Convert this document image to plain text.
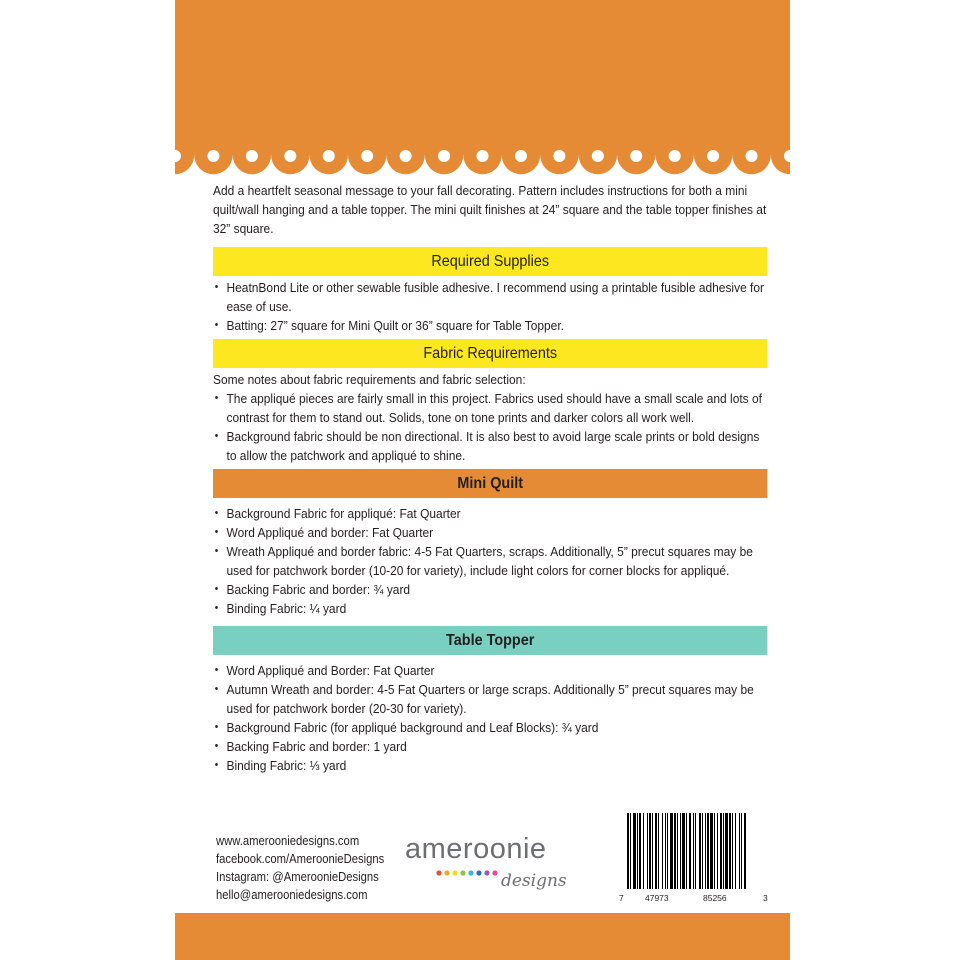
Add a heartfelt seasonal message to your fall decorating. Pattern includes instructions for both a mini quilt/wall hanging and a table topper. The mini quilt finishes at 24” square and the table topper finishes at 32” square.

Required Supplies
• HeatnBond Lite or other sewable fusible adhesive. I recommend using a printable fusible adhesive for ease of use.
• Batting: 27” square for Mini Quilt or 36” square for Table Topper.
Fabric Requirements

Some notes about fabric requirements and fabric selection:

• The appliqué pieces are fairly small in this project. Fabrics used should have a small scale and lots of contrast for them to stand out. Solids, tone on tone prints and darker colors all work well.
• Background fabric should be non directional. It is also best to avoid large scale prints or bold designs to allow the patchwork and appliqué to shine.
Mini Quilt
• Background Fabric for appliqué: Fat Quarter
• Word Appliqué and border: Fat Quarter
• Wreath Appliqué and border fabric: 4-5 Fat Quarters, scraps. Additionally, 5” precut squares may be used for patchwork border (10-20 for variety), include light colors for corner blocks for appliqué.
• Backing Fabric and border: ¾ yard
• Binding Fabric: ¼ yard
Table Topper
• Word Appliqué and Border: Fat Quarter
• Autumn Wreath and border: 4-5 Fat Quarters or large scraps. Additionally 5” precut squares may be used for patchwork border (20-30 for variety).
• Background Fabric (for appliqué background and Leaf Blocks): ¾ yard
• Backing Fabric and border: 1 yard
• Binding Fabric: ⅓ yard
www.amerooniedesigns.com
facebook.com/AmeroonieDesigns
Instagram: @AmeroonieDesigns
hello@amerooniedesigns.com
ameroonie
designs
7	47973	85256	3
